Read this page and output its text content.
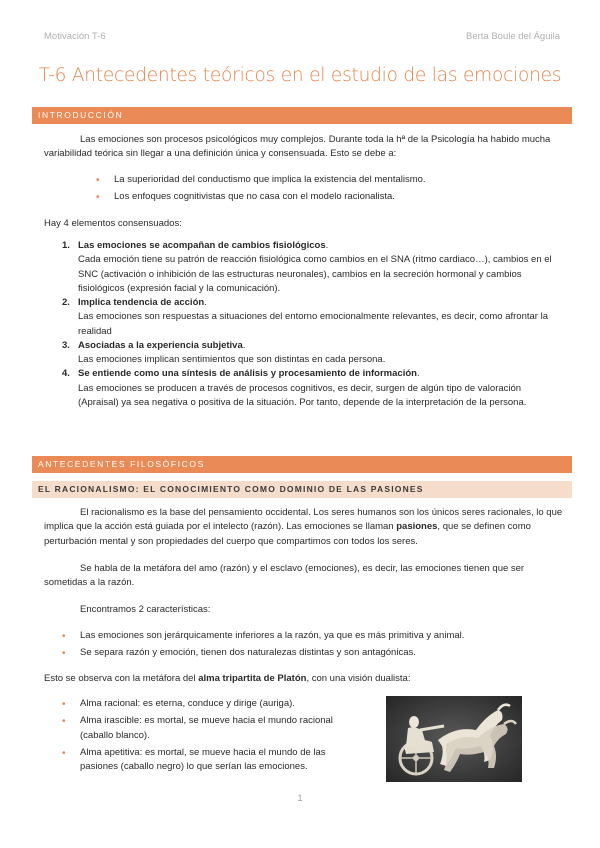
Motivación T-6	Berta Boule del Águila
T-6 Antecedentes teóricos en el estudio de las emociones
INTRODUCCIÓN
Las emociones son procesos psicológicos muy complejos. Durante toda la hª de la Psicología ha habido mucha variabilidad teórica sin llegar a una definición única y consensuada. Esto se debe a:
• La superioridad del conductismo que implica la existencia del mentalismo.
• Los enfoques cognitivistas que no casa con el modelo racionalista.
Hay 4 elementos consensuados:
1. Las emociones se acompañan de cambios fisiológicos.
Cada emoción tiene su patrón de reacción fisiológica como cambios en el SNA (ritmo cardiaco…), cambios en el SNC (activación o inhibición de las estructuras neuronales), cambios en la secreción hormonal y cambios fisiológicos (expresión facial y la comunicación).
2. Implica tendencia de acción.
Las emociones son respuestas a situaciones del entorno emocionalmente relevantes, es decir, como afrontar la realidad
3. Asociadas a la experiencia subjetiva.
Las emociones implican sentimientos que son distintas en cada persona.
4. Se entiende como una síntesis de análisis y procesamiento de información.
Las emociones se producen a través de procesos cognitivos, es decir, surgen de algún tipo de valoración (Apraisal) ya sea negativa o positiva de la situación. Por tanto, depende de la interpretación de la persona.
ANTECEDENTES FILOSÓFICOS
EL RACIONALISMO: EL CONOCIMIENTO COMO DOMINIO DE LAS PASIONES
El racionalismo es la base del pensamiento occidental. Los seres humanos son los únicos seres racionales, lo que implica que la acción está guiada por el intelecto (razón). Las emociones se llaman pasiones, que se definen como perturbación mental y son propiedades del cuerpo que compartimos con todos los seres.
Se habla de la metáfora del amo (razón) y el esclavo (emociones), es decir, las emociones tienen que ser sometidas a la razón.
Encontramos 2 características:
• Las emociones son jerárquicamente inferiores a la razón, ya que es más primitiva y animal.
• Se separa razón y emoción, tienen dos naturalezas distintas y son antagónicas.
Esto se observa con la metáfora del alma tripartita de Platón, con una visión dualista:
• Alma racional: es eterna, conduce y dirige (auriga).
• Alma irascible: es mortal, se mueve hacia el mundo racional (caballo blanco).
• Alma apetitiva: es mortal, se mueve hacia el mundo de las pasiones (caballo negro) lo que serían las emociones.
1
